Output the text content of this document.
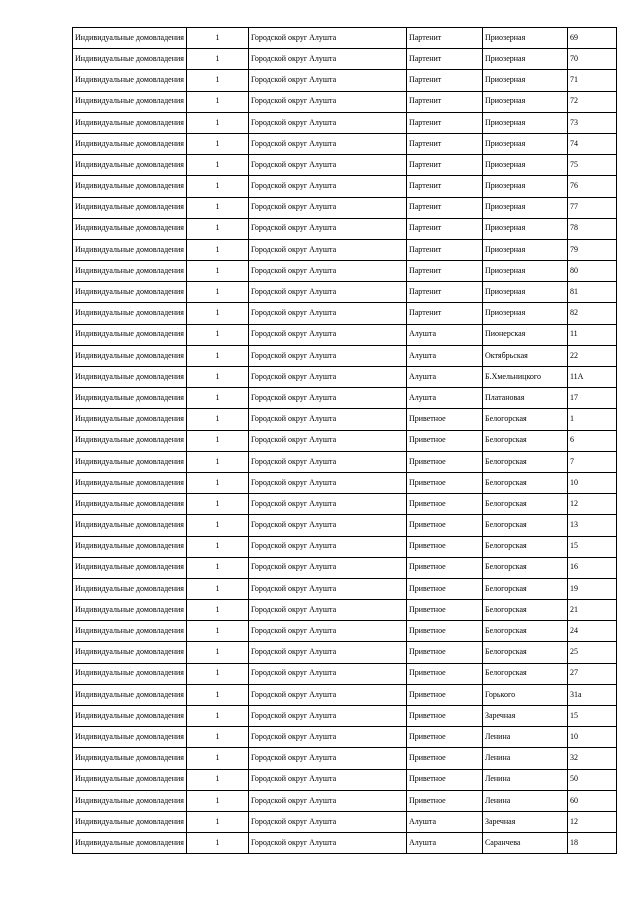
Индивидуальные домовладения	1	Городской округ Алушта	Партенит	Приозерная	69
Индивидуальные домовладения	1	Городской округ Алушта	Партенит	Приозерная	70
Индивидуальные домовладения	1	Городской округ Алушта	Партенит	Приозерная	71
Индивидуальные домовладения	1	Городской округ Алушта	Партенит	Приозерная	72
Индивидуальные домовладения	1	Городской округ Алушта	Партенит	Приозерная	73
Индивидуальные домовладения	1	Городской округ Алушта	Партенит	Приозерная	74
Индивидуальные домовладения	1	Городской округ Алушта	Партенит	Приозерная	75
Индивидуальные домовладения	1	Городской округ Алушта	Партенит	Приозерная	76
Индивидуальные домовладения	1	Городской округ Алушта	Партенит	Приозерная	77
Индивидуальные домовладения	1	Городской округ Алушта	Партенит	Приозерная	78
Индивидуальные домовладения	1	Городской округ Алушта	Партенит	Приозерная	79
Индивидуальные домовладения	1	Городской округ Алушта	Партенит	Приозерная	80
Индивидуальные домовладения	1	Городской округ Алушта	Партенит	Приозерная	81
Индивидуальные домовладения	1	Городской округ Алушта	Партенит	Приозерная	82
Индивидуальные домовладения	1	Городской округ Алушта	Алушта	Пионерская	11
Индивидуальные домовладения	1	Городской округ Алушта	Алушта	Октябрьская	22
Индивидуальные домовладения	1	Городской округ Алушта	Алушта	Б.Хмельницкого	11А
Индивидуальные домовладения	1	Городской округ Алушта	Алушта	Платановая	17
Индивидуальные домовладения	1	Городской округ Алушта	Приветное	Белогорская	1
Индивидуальные домовладения	1	Городской округ Алушта	Приветное	Белогорская	6
Индивидуальные домовладения	1	Городской округ Алушта	Приветное	Белогорская	7
Индивидуальные домовладения	1	Городской округ Алушта	Приветное	Белогорская	10
Индивидуальные домовладения	1	Городской округ Алушта	Приветное	Белогорская	12
Индивидуальные домовладения	1	Городской округ Алушта	Приветное	Белогорская	13
Индивидуальные домовладения	1	Городской округ Алушта	Приветное	Белогорская	15
Индивидуальные домовладения	1	Городской округ Алушта	Приветное	Белогорская	16
Индивидуальные домовладения	1	Городской округ Алушта	Приветное	Белогорская	19
Индивидуальные домовладения	1	Городской округ Алушта	Приветное	Белогорская	21
Индивидуальные домовладения	1	Городской округ Алушта	Приветное	Белогорская	24
Индивидуальные домовладения	1	Городской округ Алушта	Приветное	Белогорская	25
Индивидуальные домовладения	1	Городской округ Алушта	Приветное	Белогорская	27
Индивидуальные домовладения	1	Городской округ Алушта	Приветное	Горького	31а
Индивидуальные домовладения	1	Городской округ Алушта	Приветное	Заречная	15
Индивидуальные домовладения	1	Городской округ Алушта	Приветное	Ленина	10
Индивидуальные домовладения	1	Городской округ Алушта	Приветное	Ленина	32
Индивидуальные домовладения	1	Городской округ Алушта	Приветное	Ленина	50
Индивидуальные домовладения	1	Городской округ Алушта	Приветное	Ленина	60
Индивидуальные домовладения	1	Городской округ Алушта	Алушта	Заречная	12
Индивидуальные домовладения	1	Городской округ Алушта	Алушта	Саранчева	18
